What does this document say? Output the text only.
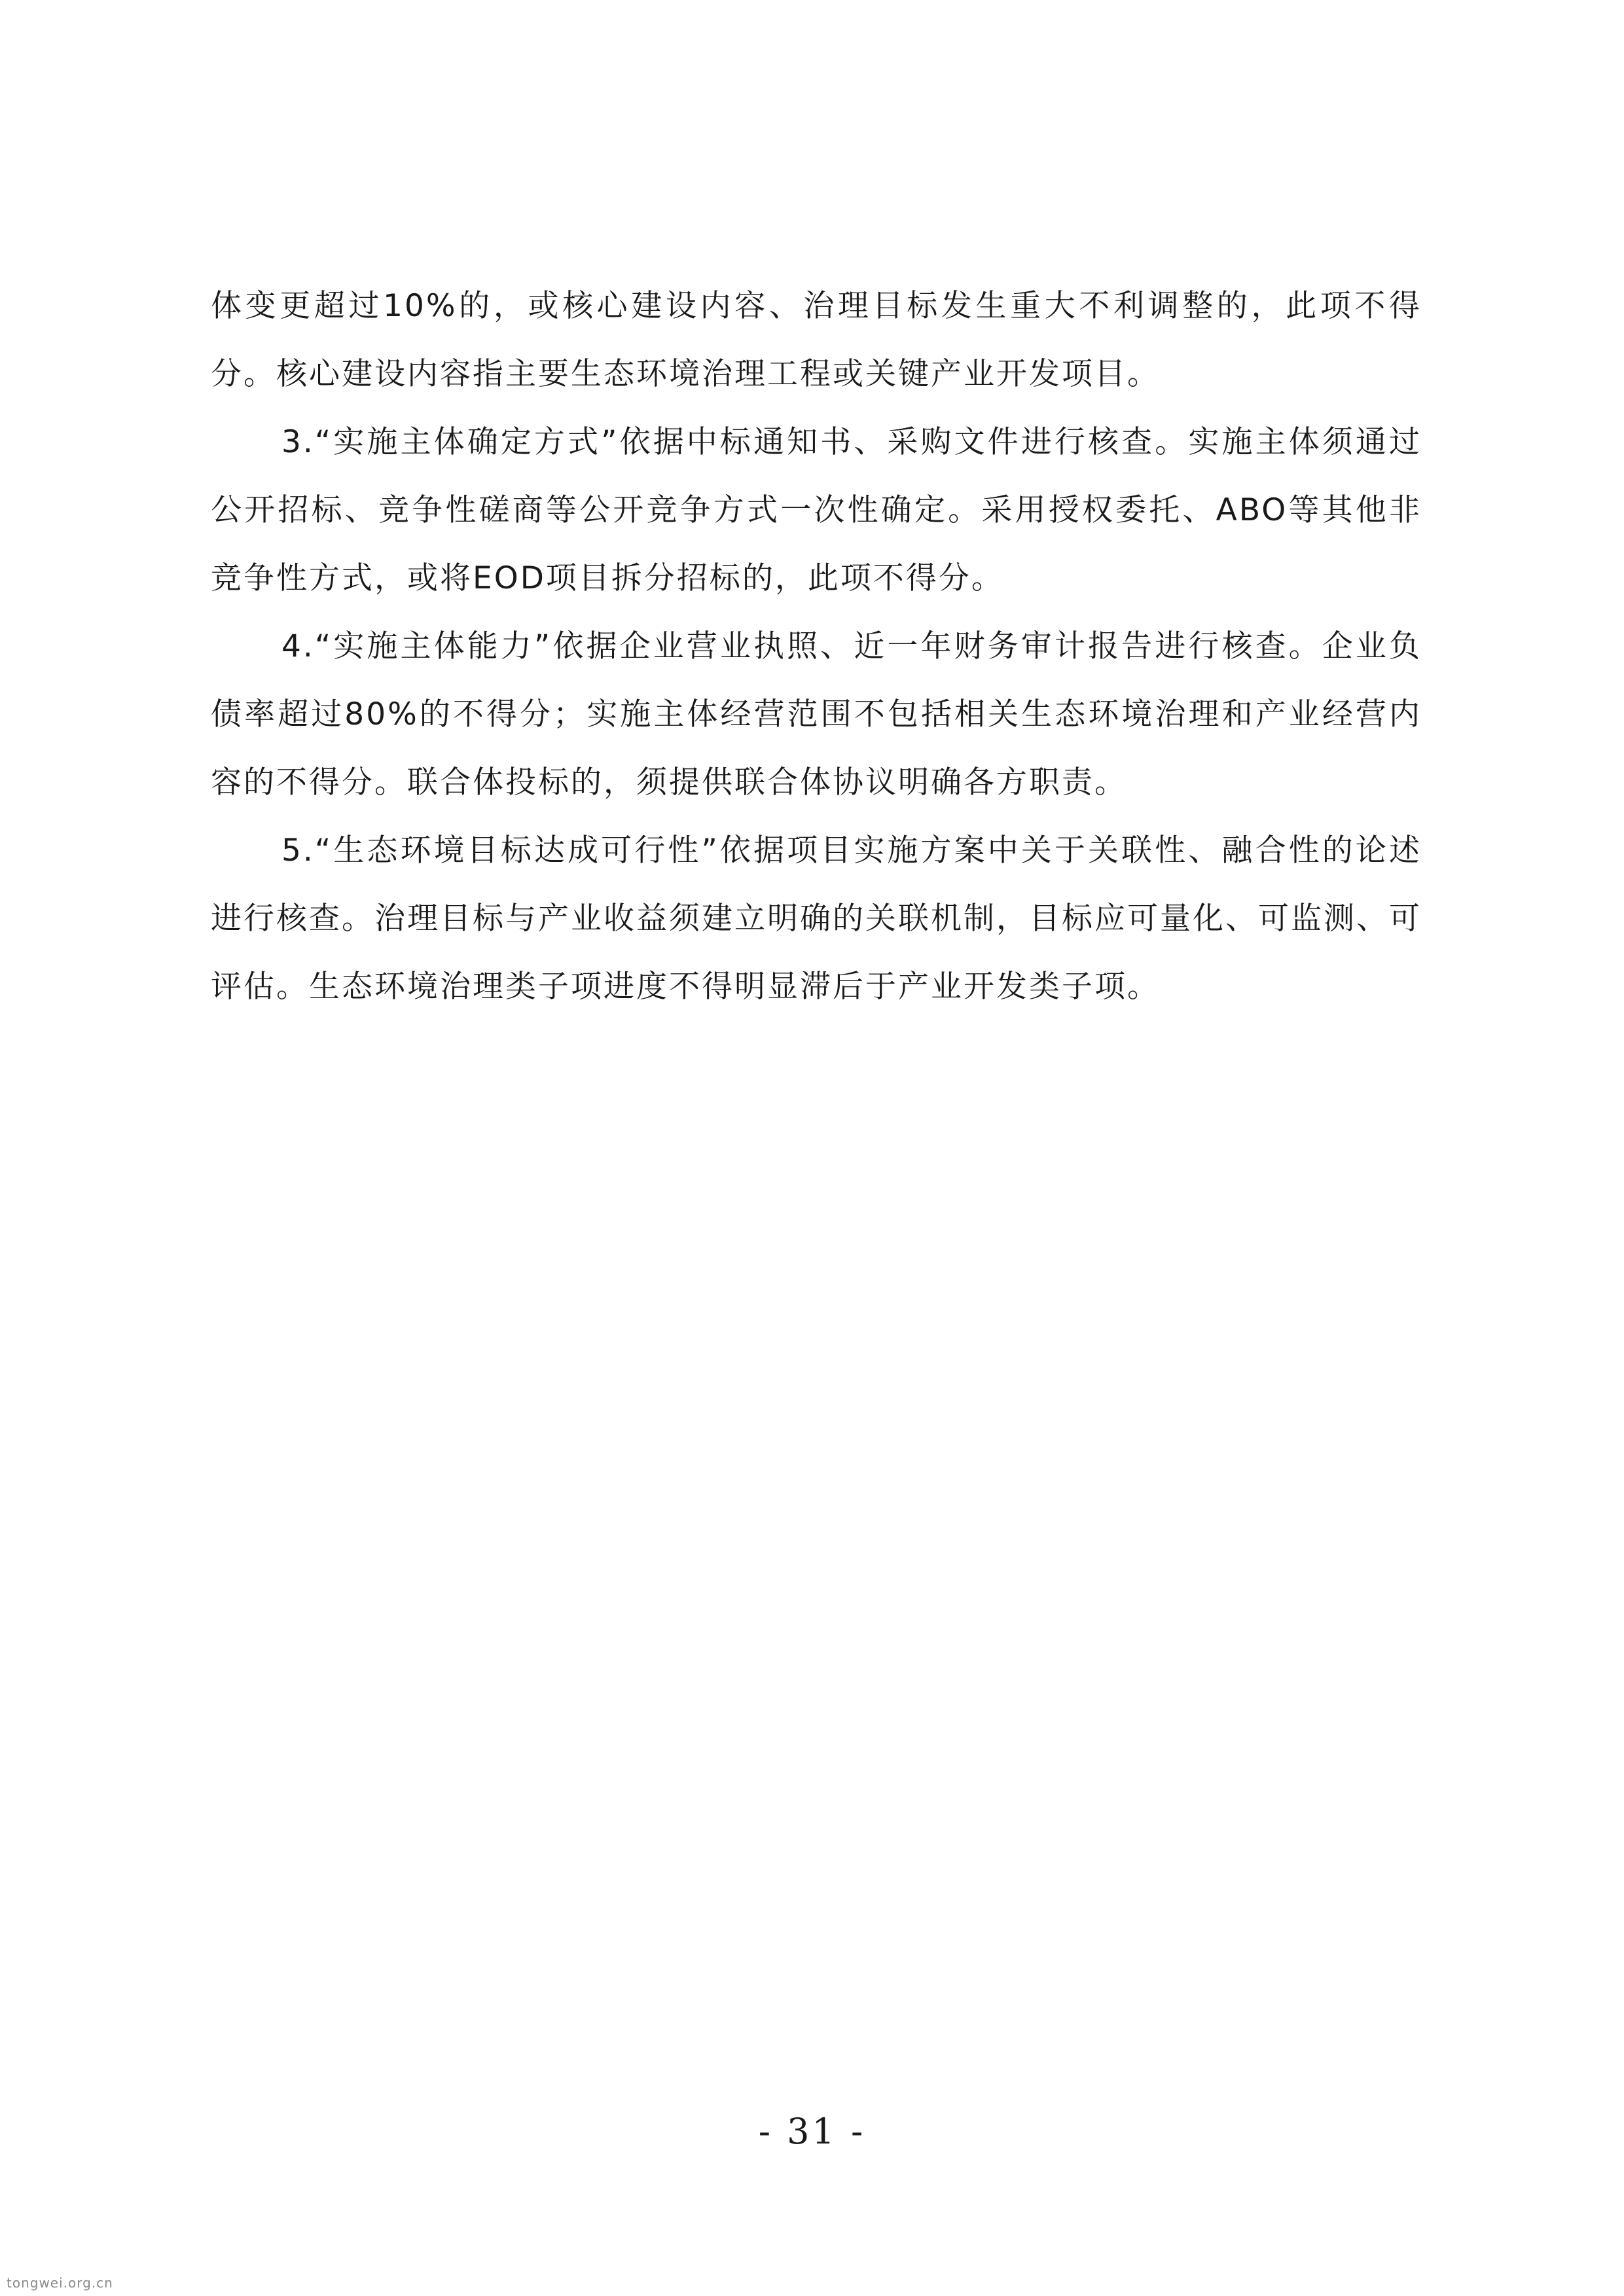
体变更超过10%的，或核心建设内容、治理目标发生重大不利调整的，此项不得分。核心建设内容指主要生态环境治理工程或关键产业开发项目。

3.“实施主体确定方式”依据中标通知书、采购文件进行核查。实施主体须通过公开招标、竞争性磋商等公开竞争方式一次性确定。采用授权委托、ABO等其他非竞争性方式，或将EOD项目拆分招标的，此项不得分。

4.“实施主体能力”依据企业营业执照、近一年财务审计报告进行核查。企业负债率超过80%的不得分；实施主体经营范围不包括相关生态环境治理和产业经营内容的不得分。联合体投标的，须提供联合体协议明确各方职责。

5.“生态环境目标达成可行性”依据项目实施方案中关于关联性、融合性的论述进行核查。治理目标与产业收益须建立明确的关联机制，目标应可量化、可监测、可评估。生态环境治理类子项进度不得明显滞后于产业开发类子项。

- 31 -
tongwei.org.cn
